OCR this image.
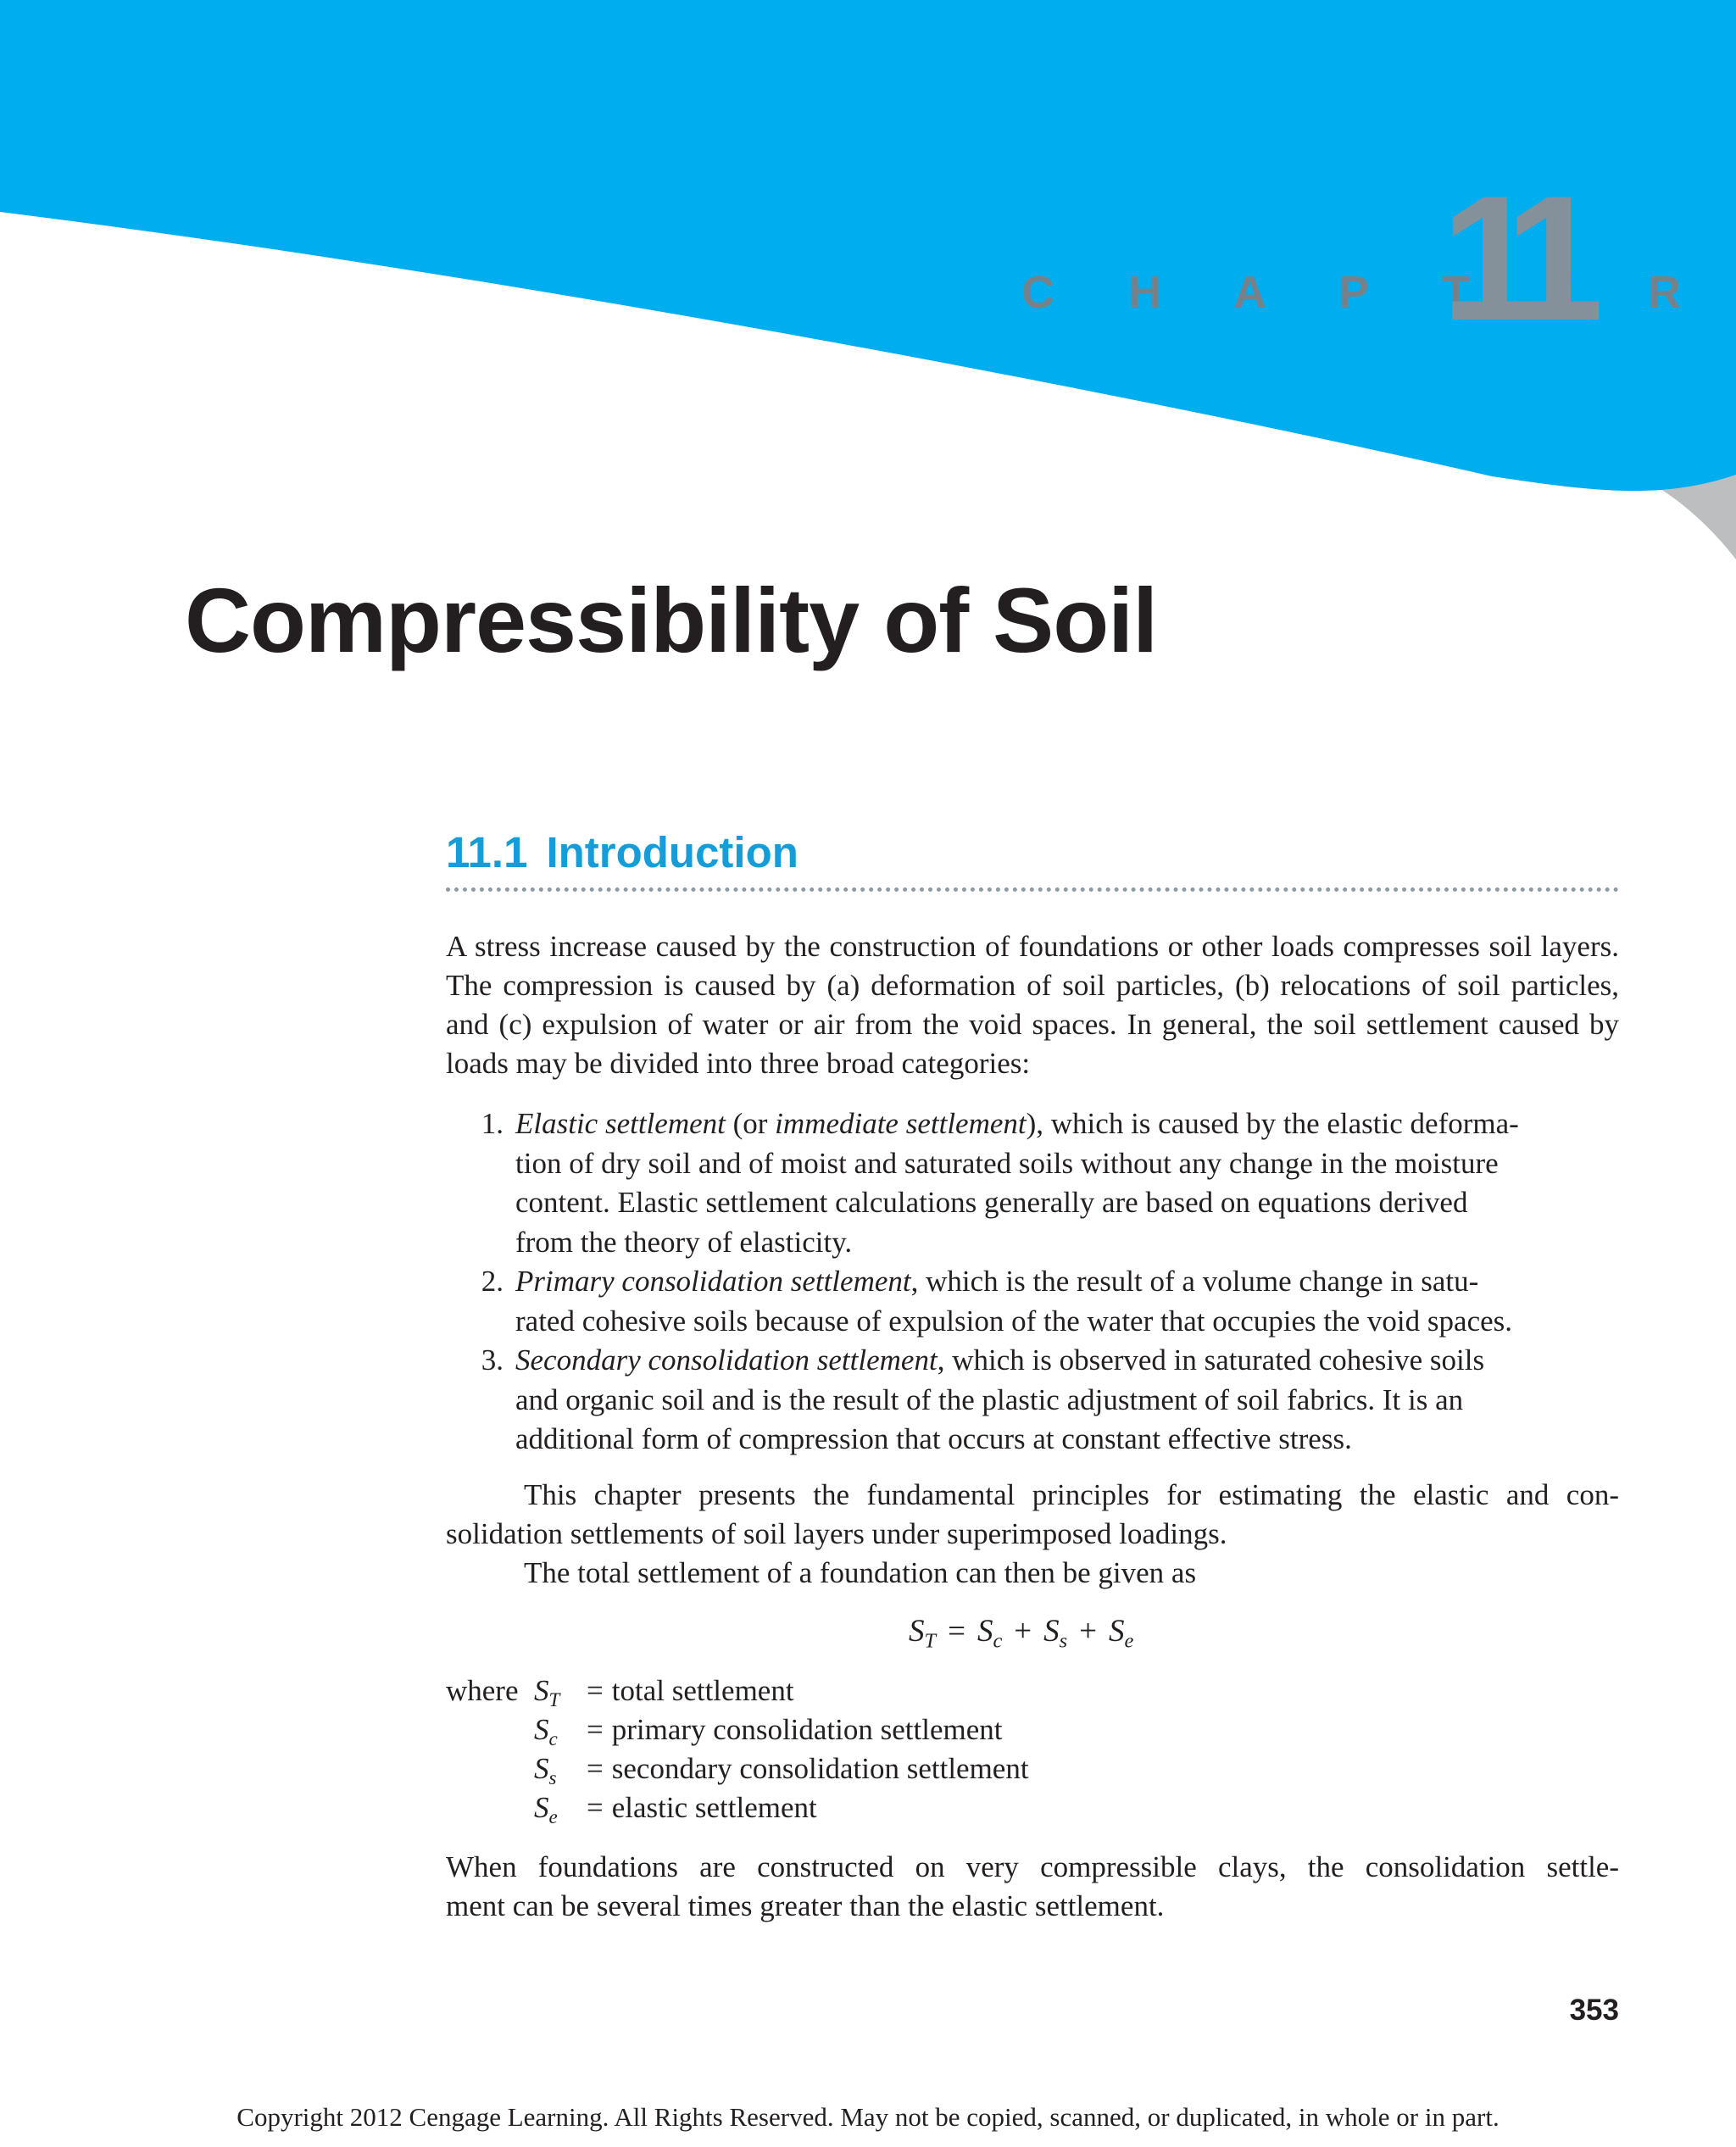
C H A P T E R
11
Compressibility of Soil
11.1 Introduction

A stress increase caused by the construction of foundations or other loads compresses soil layers. The compression is caused by (a) deformation of soil particles, (b) relocations of soil particles, and (c) expulsion of water or air from the void spaces. In general, the soil settlement caused by loads may be divided into three broad categories:

1. Elastic settlement (or immediate settlement), which is caused by the elastic deforma-
tion of dry soil and of moist and saturated soils without any change in the moisture
content. Elastic settlement calculations generally are based on equations derived
from the theory of elasticity.
2. Primary consolidation settlement, which is the result of a volume change in satu-
rated cohesive soils because of expulsion of the water that occupies the void spaces.
3. Secondary consolidation settlement, which is observed in saturated cohesive soils
and organic soil and is the result of the plastic adjustment of soil fabrics. It is an
additional form of compression that occurs at constant effective stress.
This chapter presents the fundamental principles for estimating the elastic and con-
solidation settlements of soil layers under superimposed loadings.
The total settlement of a foundation can then be given as
$S_T = S_c + S_s + S_e$
where $S_T$ = total settlement
$S_c$ = primary consolidation settlement
$S_s$	= secondary consolidation settlement
$S_e$ = elastic settlement
When foundations are constructed on very compressible clays, the consolidation settle-
ment can be several times greater than the elastic settlement.
353
Copyright 2012 Cengage Learning. All Rights Reserved. May not be copied, scanned, or duplicated, in whole or in part.
